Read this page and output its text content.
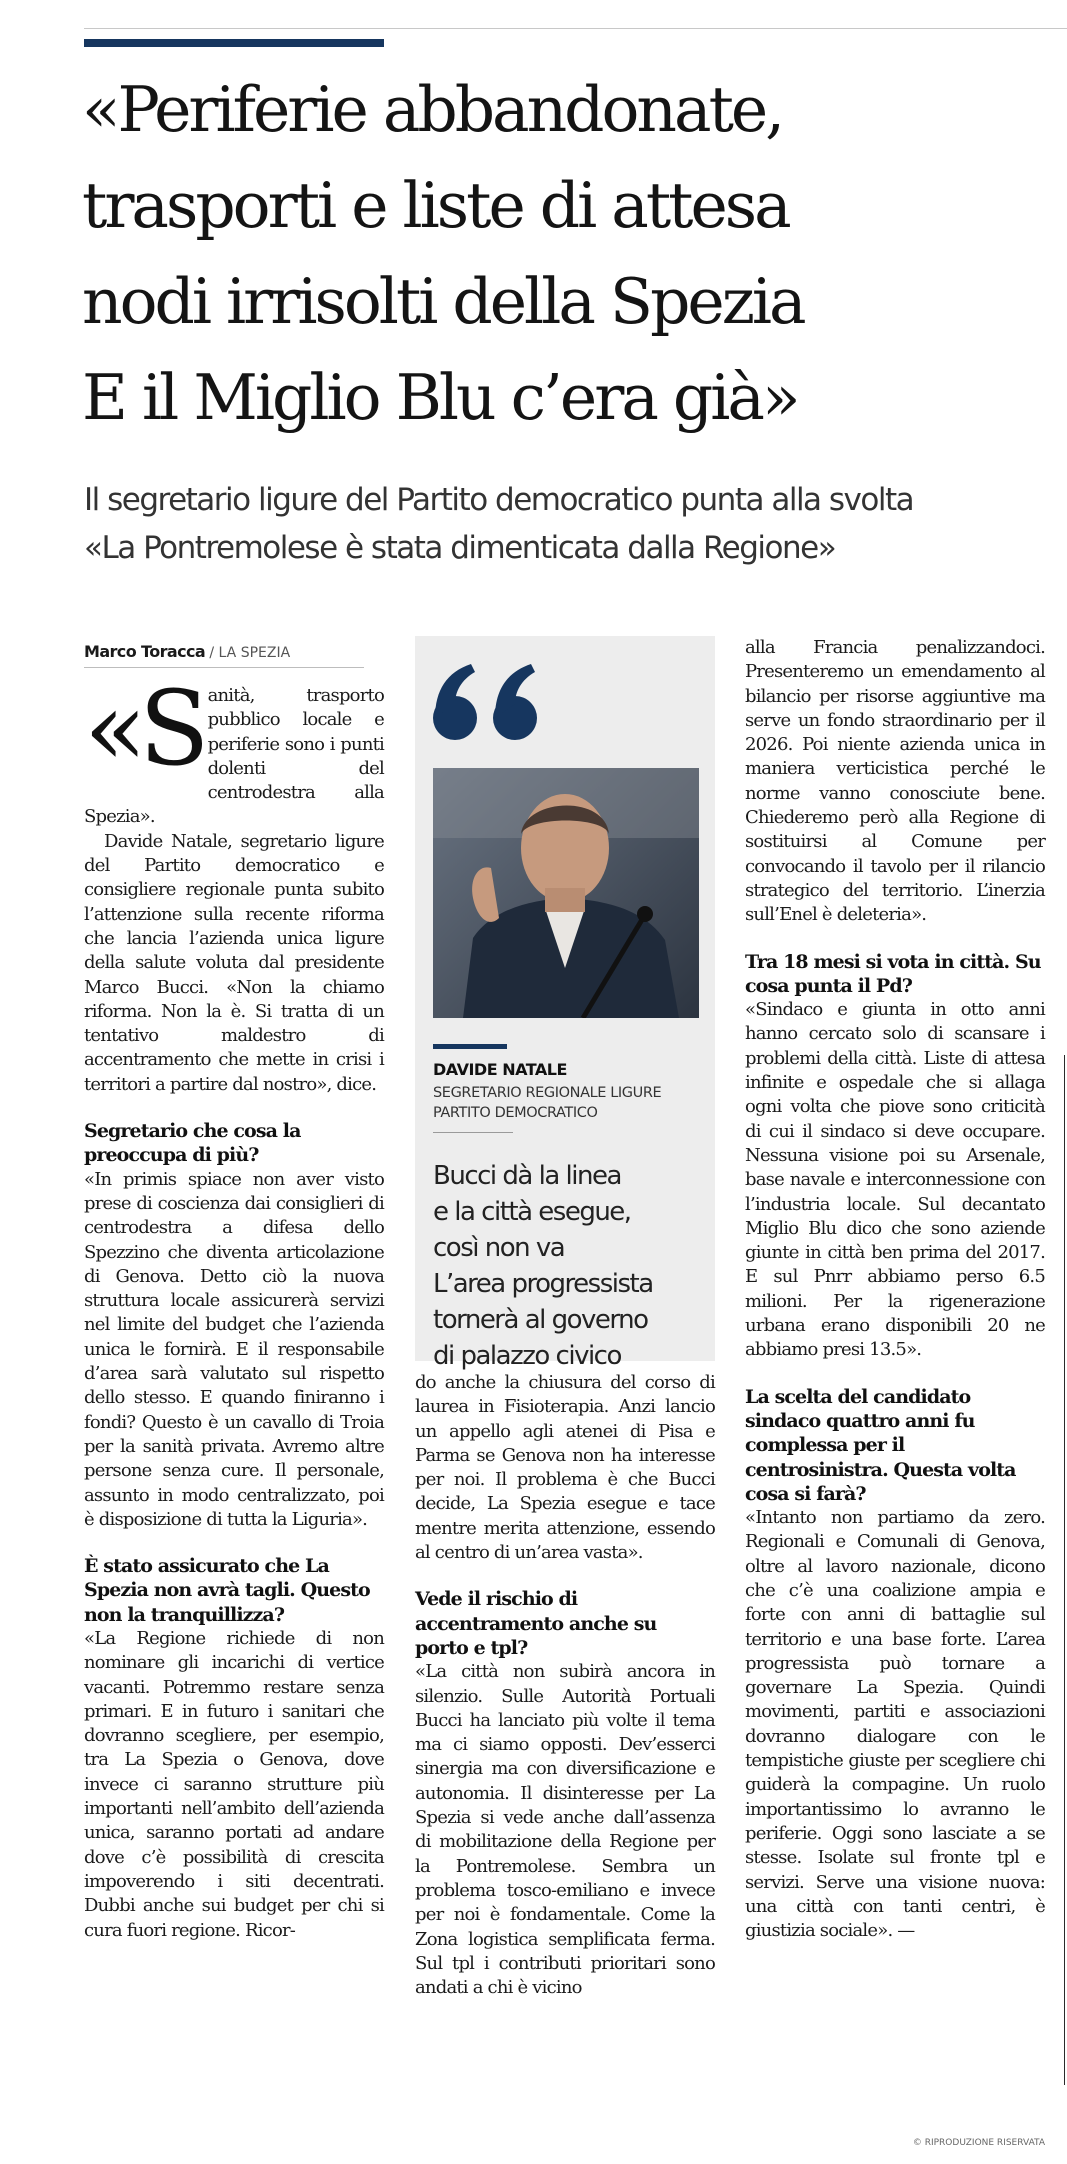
«Periferie abbandonate,
trasporti e liste di attesa
nodi irrisolti della Spezia
E il Miglio Blu c’era già»
Il segretario ligure del Partito democratico punta alla svolta
«La Pontremolese è stata dimenticata dalla Regione»
Marco Toracca / LA SPEZIA

«Sanità, trasporto pubblico locale e periferie sono i punti dolenti del centrodestra alla Spezia».

Davide Natale, segretario ligure del Partito democratico e consigliere regionale punta subito l’attenzione sulla recente riforma che lancia l’azienda unica ligure della salute voluta dal presidente Marco Bucci. «Non la chiamo riforma. Non la è. Si tratta di un tentativo maldestro di accentramento che mette in crisi i territori a partire dal nostro», dice.

Segretario che cosa la preoccupa di più?

«In primis spiace non aver visto prese di coscienza dai consiglieri di centrodestra a difesa dello Spezzino che diventa articolazione di Genova. Detto ciò la nuova struttura locale assicurerà servizi nel limite del budget che l’azienda unica le fornirà. E il responsabile d’area sarà valutato sul rispetto dello stesso. E quando finiranno i fondi? Questo è un cavallo di Troia per la sanità privata. Avremo altre persone senza cure. Il personale, assunto in modo centralizzato, poi è disposizione di tutta la Liguria».

È stato assicurato che La Spezia non avrà tagli. Questo non la tranquillizza?

«La Regione richiede di non nominare gli incarichi di vertice vacanti. Potremmo restare senza primari. E in futuro i sanitari che dovranno scegliere, per esempio, tra La Spezia o Genova, dove invece ci saranno strutture più importanti nell’ambito dell’azienda unica, saranno portati ad andare dove c’è possibilità di crescita impoverendo i siti decentrati. Dubbi anche sui budget per chi si cura fuori regione. Ricor-

DAVIDE NATALE

SEGRETARIO REGIONALE LIGURE
PARTITO DEMOCRATICO

Bucci dà la linea
e la città esegue,
così non va
L’area progressista
tornerà al governo
di palazzo civico

do anche la chiusura del corso di laurea in Fisioterapia. Anzi lancio un appello agli atenei di Pisa e Parma se Genova non ha interesse per noi. Il problema è che Bucci decide, La Spezia esegue e tace mentre merita attenzione, essendo al centro di un’area vasta».

Vede il rischio di accentramento anche su porto e tpl?

«La città non subirà ancora in silenzio. Sulle Autorità Portuali Bucci ha lanciato più volte il tema ma ci siamo opposti. Dev’esserci sinergia ma con diversificazione e autonomia. Il disinteresse per La Spezia si vede anche dall’assenza di mobilitazione della Regione per la Pontremolese. Sembra un problema tosco-emiliano e invece per noi è fondamentale. Come la Zona logistica semplificata ferma. Sul tpl i contributi prioritari sono andati a chi è vicino

alla Francia penalizzandoci. Presenteremo un emendamento al bilancio per risorse aggiuntive ma serve un fondo straordinario per il 2026. Poi niente azienda unica in maniera verticistica perché le norme vanno conosciute bene. Chiederemo però alla Regione di sostituirsi al Comune per convocando il tavolo per il rilancio strategico del territorio. L’inerzia sull’Enel è deleteria».

Tra 18 mesi si vota in città. Su cosa punta il Pd?

«Sindaco e giunta in otto anni hanno cercato solo di scansare i problemi della città. Liste di attesa infinite e ospedale che si allaga ogni volta che piove sono criticità di cui il sindaco si deve occupare. Nessuna visione poi su Arsenale, base navale e interconnessione con l’industria locale. Sul decantato Miglio Blu dico che sono aziende giunte in città ben prima del 2017. E sul Pnrr abbiamo perso 6.5 milioni. Per la rigenerazione urbana erano disponibili 20 ne abbiamo presi 13.5».

La scelta del candidato sindaco quattro anni fu complessa per il centrosinistra. Questa volta cosa si farà?

«Intanto non partiamo da zero. Regionali e Comunali di Genova, oltre al lavoro nazionale, dicono che c’è una coalizione ampia e forte con anni di battaglie sul territorio e una base forte. L’area progressista può tornare a governare La Spezia. Quindi movimenti, partiti e associazioni dovranno dialogare con le tempistiche giuste per scegliere chi guiderà la compagine. Un ruolo importantissimo lo avranno le periferie. Oggi sono lasciate a se stesse. Isolate sul fronte tpl e servizi. Serve una visione nuova: una città con tanti centri, è giustizia sociale». —

© RIPRODUZIONE RISERVATA
